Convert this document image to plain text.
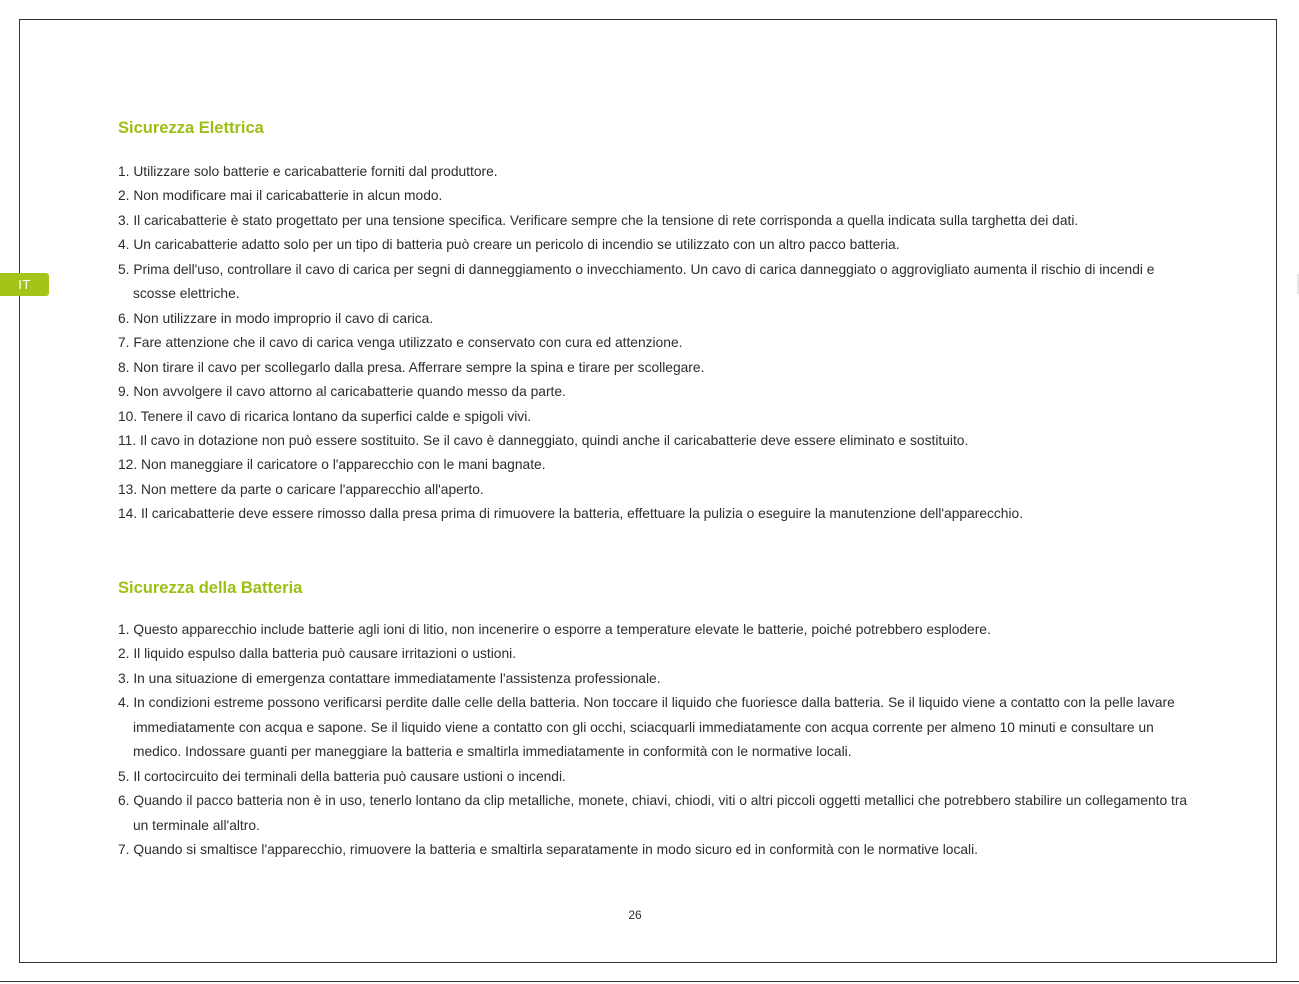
IT
Sicurezza Elettrica
1. Utilizzare solo batterie e caricabatterie forniti dal produttore.
2. Non modificare mai il caricabatterie in alcun modo.
3. Il caricabatterie è stato progettato per una tensione specifica. Verificare sempre che la tensione di rete corrisponda a quella indicata sulla targhetta dei dati.
4. Un caricabatterie adatto solo per un tipo di batteria può creare un pericolo di incendio se utilizzato con un altro pacco batteria.
5. Prima dell'uso, controllare il cavo di carica per segni di danneggiamento o invecchiamento. Un cavo di carica danneggiato o aggrovigliato aumenta il rischio di incendi e scosse elettriche.
6. Non utilizzare in modo improprio il cavo di carica.
7. Fare attenzione che il cavo di carica venga utilizzato e conservato con cura ed attenzione.
8. Non tirare il cavo per scollegarlo dalla presa. Afferrare sempre la spina e tirare per scollegare.
9. Non avvolgere il cavo attorno al caricabatterie quando messo da parte.
10. Tenere il cavo di ricarica lontano da superfici calde e spigoli vivi.
11. Il cavo in dotazione non può essere sostituito. Se il cavo è danneggiato, quindi anche il caricabatterie deve essere eliminato e sostituito.
12. Non maneggiare il caricatore o l'apparecchio con le mani bagnate.
13. Non mettere da parte o caricare l'apparecchio all'aperto.
14. Il caricabatterie deve essere rimosso dalla presa prima di rimuovere la batteria, effettuare la pulizia o eseguire la manutenzione dell'apparecchio.
Sicurezza della Batteria
1. Questo apparecchio include batterie agli ioni di litio, non incenerire o esporre a temperature elevate le batterie, poiché potrebbero esplodere.
2. Il liquido espulso dalla batteria può causare irritazioni o ustioni.
3. In una situazione di emergenza contattare immediatamente l'assistenza professionale.
4. In condizioni estreme possono verificarsi perdite dalle celle della batteria. Non toccare il liquido che fuoriesce dalla batteria. Se il liquido viene a contatto con la pelle lavare immediatamente con acqua e sapone. Se il liquido viene a contatto con gli occhi, sciacquarli immediatamente con acqua corrente per almeno 10 minuti e consultare un medico. Indossare guanti per maneggiare la batteria e smaltirla immediatamente in conformità con le normative locali.
5. Il cortocircuito dei terminali della batteria può causare ustioni o incendi.
6. Quando il pacco batteria non è in uso, tenerlo lontano da clip metalliche, monete, chiavi, chiodi, viti o altri piccoli oggetti metallici che potrebbero stabilire un collegamento tra un terminale all'altro.
7. Quando si smaltisce l'apparecchio, rimuovere la batteria e smaltirla separatamente in modo sicuro ed in conformità con le normative locali.
26
